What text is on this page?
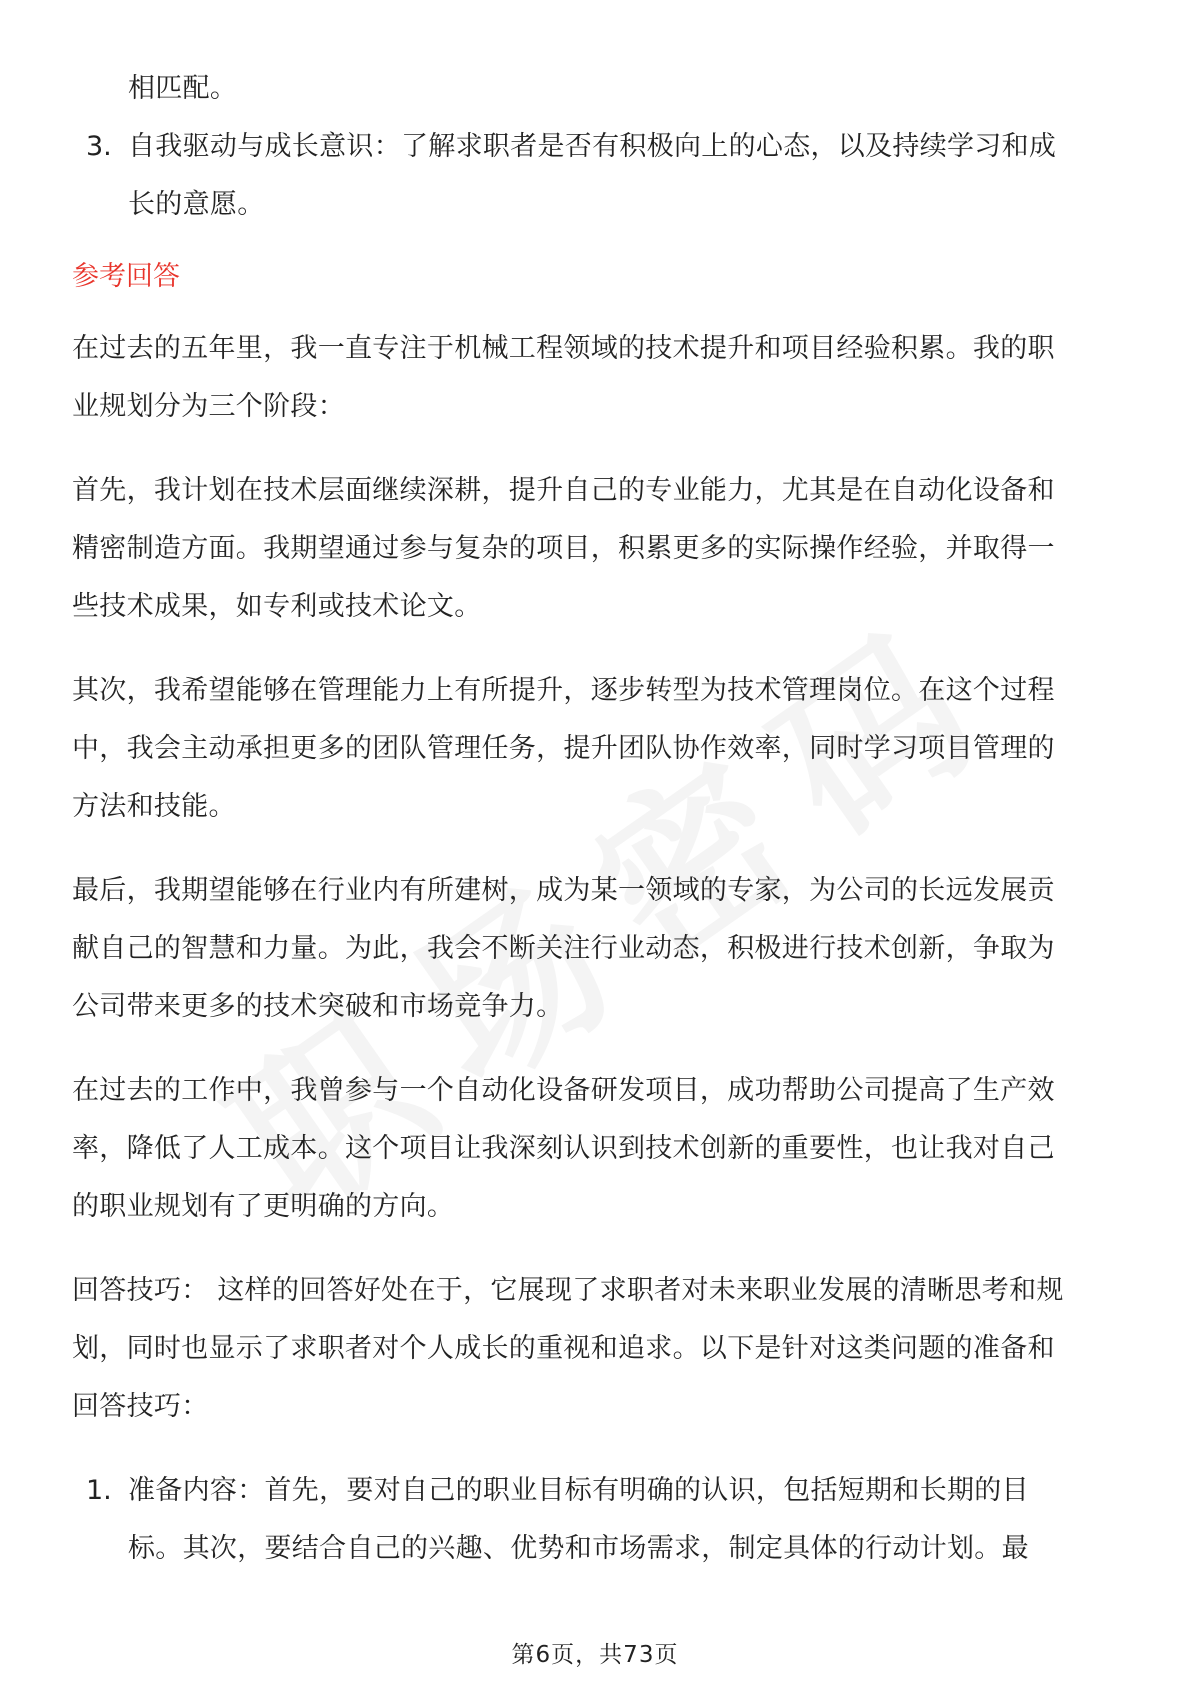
相匹配。
3. 自我驱动与成长意识：了解求职者是否有积极向上的心态，以及持续学习和成
长的意愿。
参考回答
在过去的五年里，我一直专注于机械工程领域的技术提升和项目经验积累。我的职
业规划分为三个阶段：
首先，我计划在技术层面继续深耕，提升自己的专业能力，尤其是在自动化设备和
精密制造方面。我期望通过参与复杂的项目，积累更多的实际操作经验，并取得一
些技术成果，如专利或技术论文。
其次，我希望能够在管理能力上有所提升，逐步转型为技术管理岗位。在这个过程
中，我会主动承担更多的团队管理任务，提升团队协作效率，同时学习项目管理的
方法和技能。
最后，我期望能够在行业内有所建树，成为某一领域的专家，为公司的长远发展贡
献自己的智慧和力量。为此，我会不断关注行业动态，积极进行技术创新，争取为
公司带来更多的技术突破和市场竞争力。
在过去的工作中，我曾参与一个自动化设备研发项目，成功帮助公司提高了生产效
率，降低了人工成本。这个项目让我深刻认识到技术创新的重要性，也让我对自己
的职业规划有了更明确的方向。
回答技巧： 这样的回答好处在于，它展现了求职者对未来职业发展的清晰思考和规
划，同时也显示了求职者对个人成长的重视和追求。以下是针对这类问题的准备和
回答技巧：
1. 准备内容：首先，要对自己的职业目标有明确的认识，包括短期和长期的目
标。其次，要结合自己的兴趣、优势和市场需求，制定具体的行动计划。最
第6页，共73页
